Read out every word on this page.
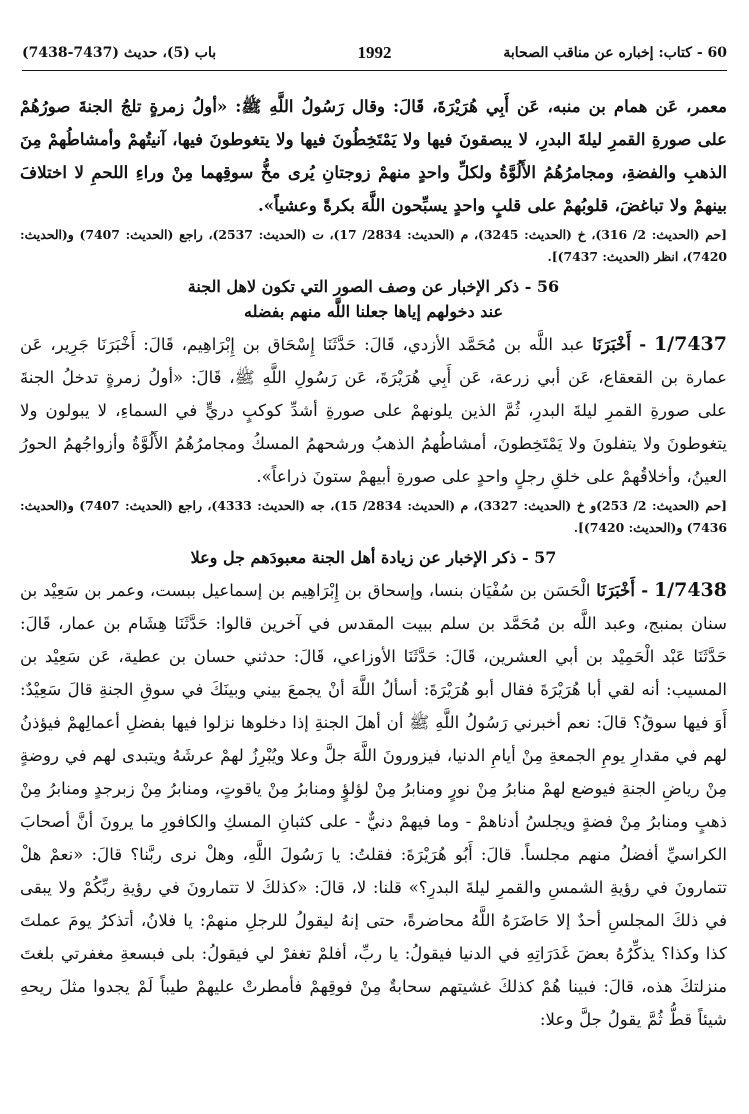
باب (5)، حديث (7437-7438)	1992	60 - كتاب: إخباره عن مناقب الصحابة

معمر، عَن همام بن منبه، عَن أَبِي هُرَيْرَةَ، قَالَ: وقال رَسُولُ اللَّهِ ﷺ: «أولُ زمرةٍ تلجُ الجنةَ صورُهُمْ على صورةِ القمرِ ليلةَ البدرِ، لا يبصقونَ فيها ولا يَمْتَخِطُونَ فيها ولا يتغوطونَ فيها، آنيتُهمْ وأمشاطُهمْ مِنَ الذهبِ والفضةِ، ومجامرُهُمُ الأَلُوَّةُ ولكلِّ واحدٍ منهمْ زوجتانِ يُرى مخُّ سوقِهما مِنْ وراءِ اللحمِ لا اختلافَ بينهمْ ولا تباغضَ، قلوبُهمْ على قلبٍ واحدٍ يسبِّحون اللَّهَ بكرةً وعشياً».

[حم (الحديث: 2/ 316)، خ (الحديث: 3245)، م (الحديث: 2834/ 17)، ت (الحديث: 2537)، راجع (الحديث: 7407) و(الحديث: 7420)، انظر (الحديث: 7437)].

56 - ذكر الإخبار عن وصف الصور التي تكون لاهل الجنة
عند دخولهم إياها جعلنا اللَّه منهم بفضله

1/7437 - أَخْبَرَنَا عبد اللَّه بن مُحَمَّد الأزدي، قَالَ: حَدَّثَنَا إِسْحَاق بن إِبْرَاهِيم، قَالَ: أَخْبَرَنَا جَرِير، عَن عمارة بن القعقاع، عَن أبي زرعة، عَن أَبِي هُرَيْرَةَ، عَن رَسُولِ اللَّهِ ﷺ، قَالَ: «أولُ زمرةٍ تدخلُ الجنةَ على صورةِ القمرِ ليلةَ البدرِ، ثُمَّ الذين يلونهمْ على صورةِ أشدِّ كوكبٍ دريٍّ في السماءِ، لا يبولون ولا يتغوطونَ ولا يتفلونَ ولا يَمْتَخِطونَ، أمشاطُهمُ الذهبُ ورشحهمُ المسكُ ومجامرُهُمُ الأَلُوَّةُ وأزواجُهمُ الحورُ العينُ، وأخلاقُهمْ على خلقِ رجلٍ واحدٍ على صورةِ أبيهمْ ستونَ ذراعاً».

[حم (الحديث: 2/ 253)و خ (الحديث: 3327)، م (الحديث: 2834/ 15)، جه (الحديث: 4333)، راجع (الحديث: 7407) و(الحديث: 7436) و(الحديث: 7420)].

57 - ذكر الإخبار عن زيادة أهل الجنة معبودَهم جل وعلا

1/7438 - أَخْبَرَنَا الْحَسَن بن سُفْيَان بنسا، وإسحاق بن إِبْرَاهِيم بن إسماعيل ببست، وعمر بن سَعِيْد بن سنان بمنبج، وعبد اللَّه بن مُحَمَّد بن سلم ببيت المقدس في آخرين قالوا: حَدَّثَنَا هِشَام بن عمار، قَالَ: حَدَّثَنَا عَبْد الْحَمِيْد بن أبي العشرين، قَالَ: حَدَّثَنَا الأوزاعي، قَالَ: حدثني حسان بن عطية، عَن سَعِيْد بن المسيب: أنه لقي أبا هُرَيْرَةَ فقال أبو هُرَيْرَةَ: أسألُ اللَّهَ أنْ يجمعَ بيني وبينَكَ في سوقِ الجنةِ قالَ سَعِيْدٌ: أَوَ فيها سوقٌ؟ قالَ: نعم أخبرني رَسُولُ اللَّهِ ﷺ أن أهلَ الجنةِ إذا دخلوها نزلوا فيها بفضلِ أعمالِهمْ فيؤذنُ لهم في مقدارِ يومِ الجمعةِ مِنْ أيامِ الدنيا، فيزورونَ اللَّهَ جلَّ وعلا ويُبْرِزُ لهمْ عرشَهُ ويتبدى لهم في روضةٍ مِنْ رياضِ الجنةِ فيوضع لهمْ منابرُ مِنْ نورٍ ومنابرُ مِنْ لؤلؤٍ ومنابرُ مِنْ ياقوتٍ، ومنابرُ مِنْ زبرجدٍ ومنابرُ مِنْ ذهبٍ ومنابرُ مِنْ فضةٍ ويجلسُ أدناهمْ - وما فيهمْ دنيٌّ - على كثبانِ المسكِ والكافورِ ما يرونَ أنَّ أصحابَ الكراسيِّ أفضلُ منهم مجلساً. قالَ: أَبُو هُرَيْرَةَ: فقلتُ: يا رَسُولَ اللَّهِ، وهلْ نرى ربَّنا؟ قالَ: «نعمْ هلْ تتمارونَ في رؤيةِ الشمسِ والقمرِ ليلةَ البدرِ؟» قلنا: لا، قالَ: «كذلكَ لا تتمارونَ في رؤيةِ ربِّكُمْ ولا يبقى في ذلكَ المجلسِ أحدٌ إلا حَاضَرَهُ اللَّهُ محاضرةً، حتى إنهُ ليقولُ للرجلِ منهمْ: يا فلانُ، أتذكرُ يومَ عملتَ كذا وكذا؟ يذكِّرُهُ بعضَ غَدَرَاتِهِ في الدنيا فيقولُ: يا ربِّ، أفلمْ تغفرْ لي فيقولُ: بلى فبسعةِ مغفرتي بلغتَ منزلتكَ هذه، قالَ: فبينا هُمْ كذلكَ غشيتهم سحابةٌ مِنْ فوقِهمْ فأمطرتْ عليهمْ طيباً لَمْ يجدوا مثلَ ريحهِ شيئاً قطُّ ثُمَّ يقولُ جلَّ وعلا:
